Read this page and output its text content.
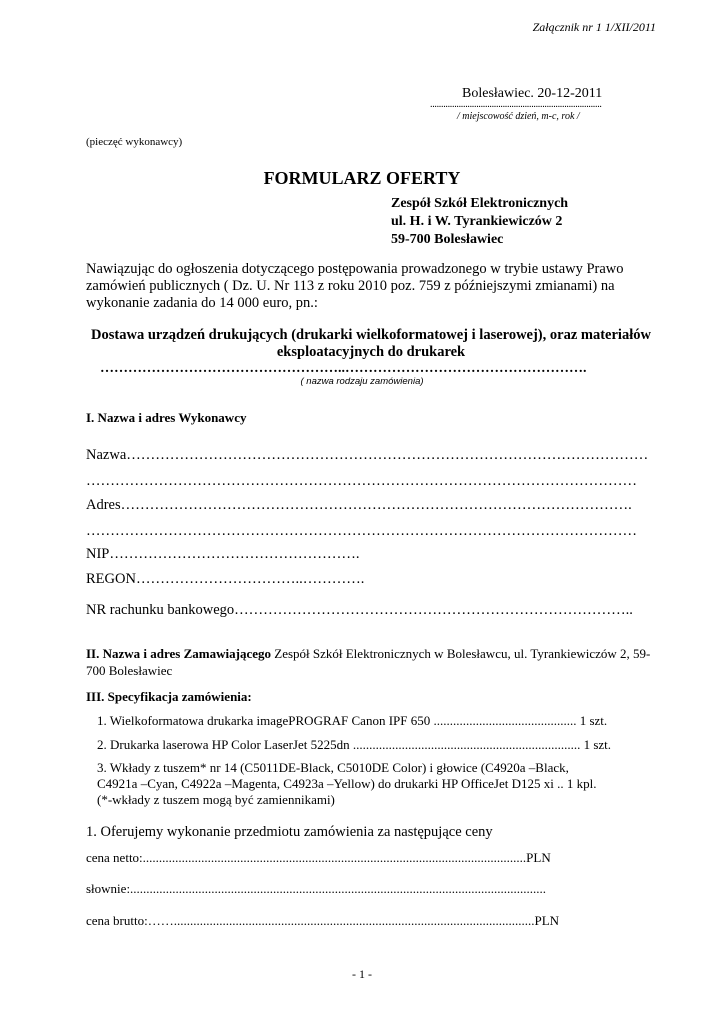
Załącznik nr 1 1/XII/2011
Bolesławiec. 20-12-2011
..............................................................................
/ miejscowość dzień, m-c, rok /
(pieczęć wykonawcy)
FORMULARZ OFERTY
Zespół Szkół Elektronicznych
ul. H. i W. Tyrankiewiczów 2
59-700 Bolesławiec
Nawiązując do ogłoszenia dotyczącego postępowania prowadzonego w trybie ustawy Prawo zamówień publicznych ( Dz. U. Nr 113 z roku 2010 poz. 759 z późniejszymi zmianami) na wykonanie zadania do 14 000 euro, pn.:
Dostawa urządzeń drukujących (drukarki wielkoformatowej i laserowej), oraz materiałów eksploatacyjnych do drukarek
……………………………………………..…………………………………………….
( nazwa rodzaju zamówienia)
I. Nazwa i adres Wykonawcy
Nazwa………………………………………………………………………………………………
……………………………………………………………………………………………………
Adres…………………………………………………………………………………………….
……………………………………………………………………………………………………
NIP…………………………………………….
REGON……………………………..………….
NR rachunku bankowego………………………………………………………………………..
II. Nazwa i adres Zamawiającego Zespół Szkół Elektronicznych w Bolesławcu, ul. Tyrankiewiczów 2, 59-700 Bolesławiec
III. Specyfikacja zamówienia:
1. Wielkoformatowa drukarka imagePROGRAF Canon IPF 650 ............................................ 1 szt.
2. Drukarka laserowa HP Color LaserJet 5225dn ...................................................................... 1 szt.
3. Wkłady z tuszem* nr 14 (C5011DE-Black, C5010DE Color) i głowice (C4920a –Black,
C4921a –Cyan, C4922a –Magenta, C4923a –Yellow) do drukarki HP OfficeJet D125 xi .. 1 kpl.
(*-wkłady z tuszem mogą być zamiennikami)
1. Oferujemy wykonanie przedmiotu zamówienia za następujące ceny
cena netto:......................................................................................................................PLN
słownie:................................................................................................................................
cena brutto:……...............................................................................................................PLN
- 1 -
